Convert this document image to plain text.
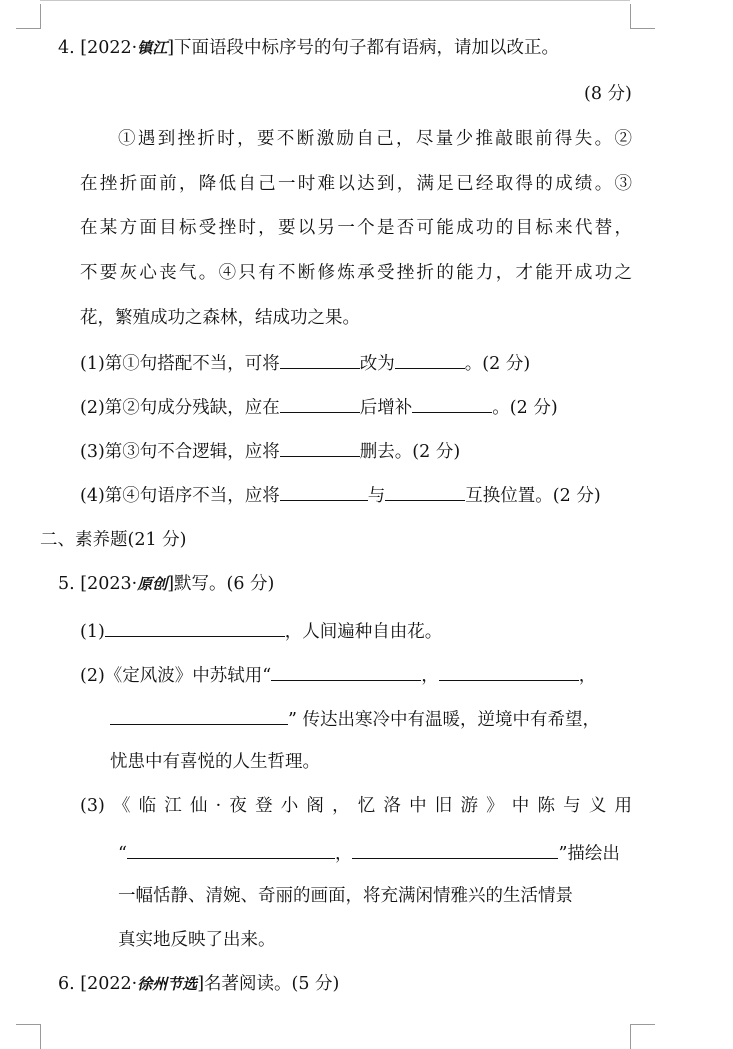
4. [2022·镇江]下面语段中标序号的句子都有语病，请加以改正。
(8 分)
①遇到挫折时，要不断激励自己，尽量少推敲眼前得失。②
在挫折面前，降低自己一时难以达到，满足已经取得的成绩。③
在某方面目标受挫时，要以另一个是否可能成功的目标来代替，
不要灰心丧气。④只有不断修炼承受挫折的能力，才能开成功之
花，繁殖成功之森林，结成功之果。
(1)第①句搭配不当，可将	改为	。(2 分)
(2)第②句成分残缺，应在	后增补	。(2 分)
(3)第③句不合逻辑，应将	删去。(2 分)
(4)第④句语序不当，应将	与	互换位置。(2 分)
二、素养题(21 分)
5. [2023·原创]默写。(6 分)
(1)	，人间遍种自由花。
(2)《定风波》中苏轼用“	，	，
” 传达出寒冷中有温暖，逆境中有希望，
忧患中有喜悦的人生哲理。
(3)《临江仙·夜登小阁，忆洛中旧游》中陈与义用
“	，	”描绘出
一幅恬静、清婉、奇丽的画面，将充满闲情雅兴的生活情景
真实地反映了出来。
6. [2022·徐州节选]名著阅读。(5 分)
